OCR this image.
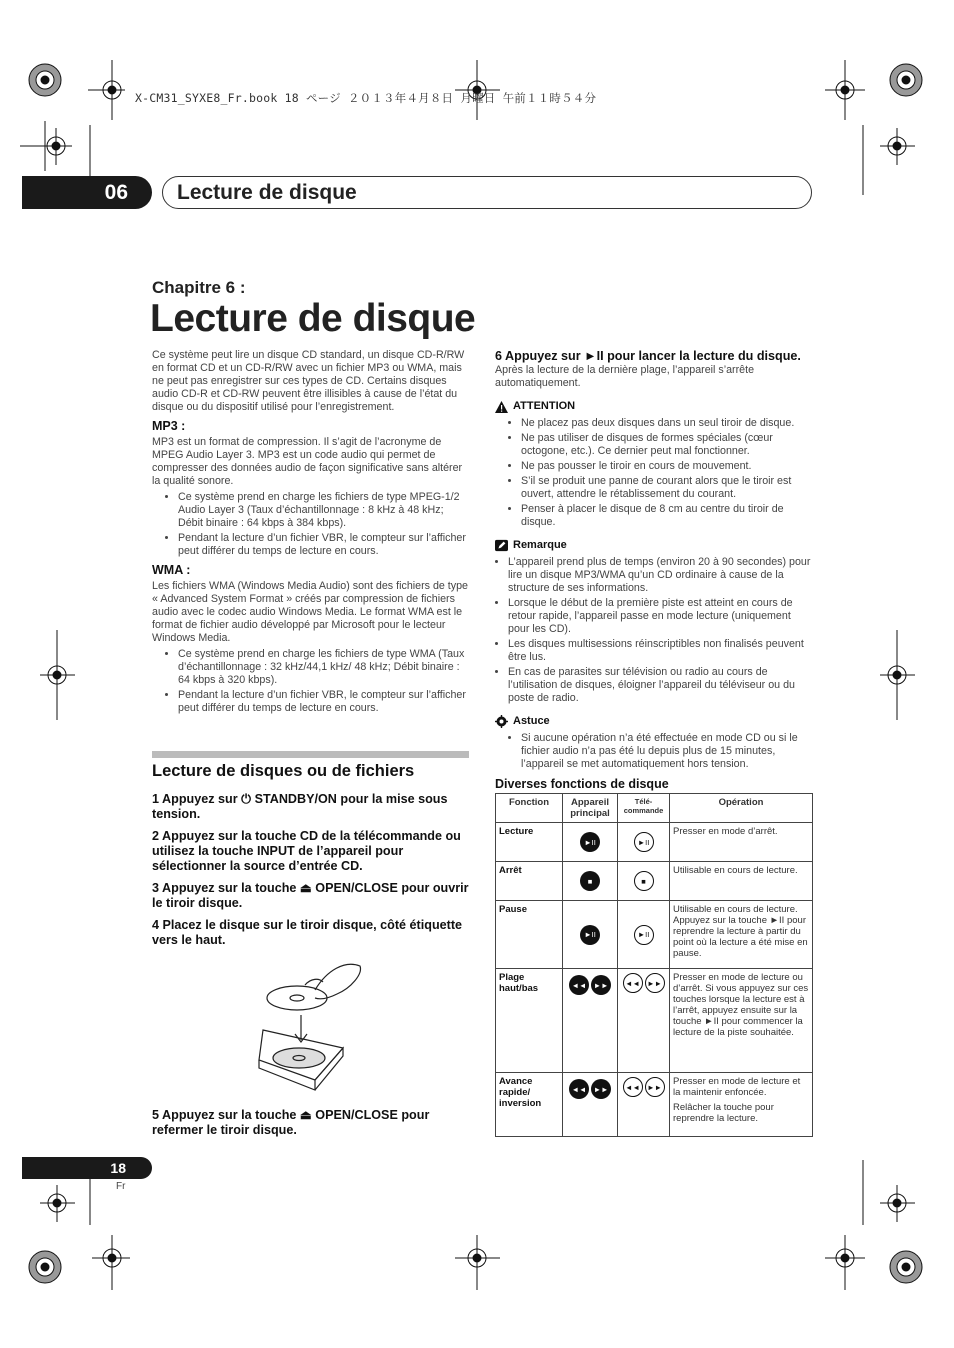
X-CM31_SYXE8_Fr.book 18 ページ ２０１３年４月８日 月曜日 午前１１時５４分
06	Lecture de disque
Chapitre 6 :
Lecture de disque

Ce système peut lire un disque CD standard, un disque CD-R/RW en format CD et un CD-R/RW avec un fichier MP3 ou WMA, mais ne peut pas enregistrer sur ces types de CD. Certains disques audio CD-R et CD-RW peuvent être illisibles à cause de l’état du disque ou du dispositif utilisé pour l’enregistrement.

MP3 :

MP3 est un format de compression. Il s’agit de l’acronyme de MPEG Audio Layer 3. MP3 est un code audio qui permet de compresser des données audio de façon significative sans altérer la qualité sonore.

• Ce système prend en charge les fichiers de type MPEG-1/2 Audio Layer 3 (Taux d’échantillonnage : 8 kHz à 48 kHz; Débit binaire : 64 kbps à 384 kbps).
• Pendant la lecture d’un fichier VBR, le compteur sur l’afficher peut différer du temps de lecture en cours.
WMA :

Les fichiers WMA (Windows Media Audio) sont des fichiers de type « Advanced System Format » créés par compression de fichiers audio avec le codec audio Windows Media. Le format WMA est le format de fichier audio développé par Microsoft pour le lecteur Windows Media.

• Ce système prend en charge les fichiers de type WMA (Taux d’échantillonnage : 32 kHz/44,1 kHz/ 48 kHz; Débit binaire : 64 kbps à 320 kbps).
• Pendant la lecture d’un fichier VBR, le compteur sur l’afficher peut différer du temps de lecture en cours.
Lecture de disques ou de fichiers
1 Appuyez sur ⏻ STANDBY/ON pour la mise sous tension.
2 Appuyez sur la touche CD de la télécommande ou utilisez la touche INPUT de l’appareil pour sélectionner la source d’entrée CD.
3 Appuyez sur la touche ⏏ OPEN/CLOSE pour ouvrir le tiroir disque.
4 Placez le disque sur le tiroir disque, côté étiquette vers le haut.
5 Appuyez sur la touche ⏏ OPEN/CLOSE pour refermer le tiroir disque.
6 Appuyez sur ►II pour lancer la lecture du disque.

Après la lecture de la dernière plage, l’appareil s’arrête automatiquement.

ATTENTION
• Ne placez pas deux disques dans un seul tiroir de disque.
• Ne pas utiliser de disques de formes spéciales (cœur octogone, etc.). Ce dernier peut mal fonctionner.
• Ne pas pousser le tiroir en cours de mouvement.
• S’il se produit une panne de courant alors que le tiroir est ouvert, attendre le rétablissement du courant.
• Penser à placer le disque de 8 cm au centre du tiroir de disque.
Remarque
• L’appareil prend plus de temps (environ 20 à 90 secondes) pour lire un disque MP3/WMA qu’un CD ordinaire à cause de la structure de ses informations.
• Lorsque le début de la première piste est atteint en cours de retour rapide, l’appareil passe en mode lecture (uniquement pour les CD).
• Les disques multisessions réinscriptibles non finalisés peuvent être lus.
• En cas de parasites sur télévision ou radio au cours de l’utilisation de disques, éloigner l’appareil du téléviseur ou du poste de radio.
Astuce
• Si aucune opération n’a été effectuée en mode CD ou si le fichier audio n’a pas été lu depuis plus de 15 minutes, l’appareil se met automatiquement hors tension.
Diverses fonctions de disque
Fonction	Appareil principal	Télé-commande	Opération
Lecture	►II	►II	Presser en mode d’arrêt.
Arrêt	■	■	Utilisable en cours de lecture.
Pause	►II	►II	Utilisable en cours de lecture. Appuyez sur la touche ►II pour reprendre la lecture à partir du point où la lecture a été mise en pause.
Plage haut/bas	◄◄ ►►	◄◄ ►►	Presser en mode de lecture ou d’arrêt. Si vous appuyez sur ces touches lorsque la lecture est à l’arrêt, appuyez ensuite sur la touche ►II pour commencer la lecture de la piste souhaitée.
Avance rapide/ inversion	◄◄ ►►	◄◄ ►►	Presser en mode de lecture et la maintenir enfoncée.
Relâcher la touche pour reprendre la lecture.
18
Fr
